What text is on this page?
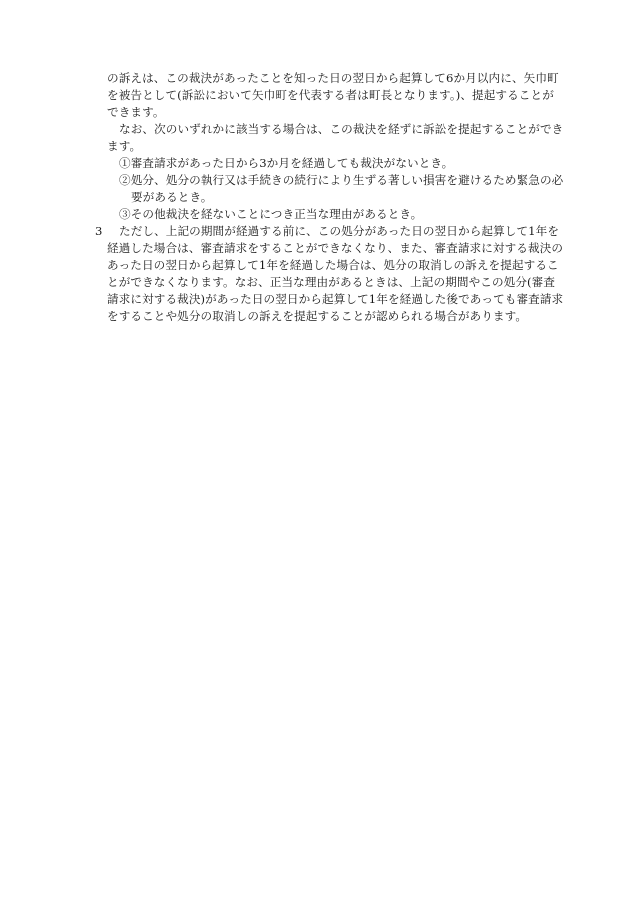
の訴えは、この裁決があったことを知った日の翌日から起算して6か月以内に、矢巾町を被告として(訴訟において矢巾町を代表する者は町長となります。)、提起することができます。

なお、次のいずれかに該当する場合は、この裁決を経ずに訴訟を提起することができます。

①審査請求があった日から3か月を経過しても裁決がないとき。

②処分、処分の執行又は手続きの続行により生ずる著しい損害を避けるため緊急の必要があるとき。

③その他裁決を経ないことにつき正当な理由があるとき。

3 ただし、上記の期間が経過する前に、この処分があった日の翌日から起算して1年を経過した場合は、審査請求をすることができなくなり、また、審査請求に対する裁決のあった日の翌日から起算して1年を経過した場合は、処分の取消しの訴えを提起することができなくなります。なお、正当な理由があるときは、上記の期間やこの処分(審査請求に対する裁決)があった日の翌日から起算して1年を経過した後であっても審査請求をすることや処分の取消しの訴えを提起することが認められる場合があります。
